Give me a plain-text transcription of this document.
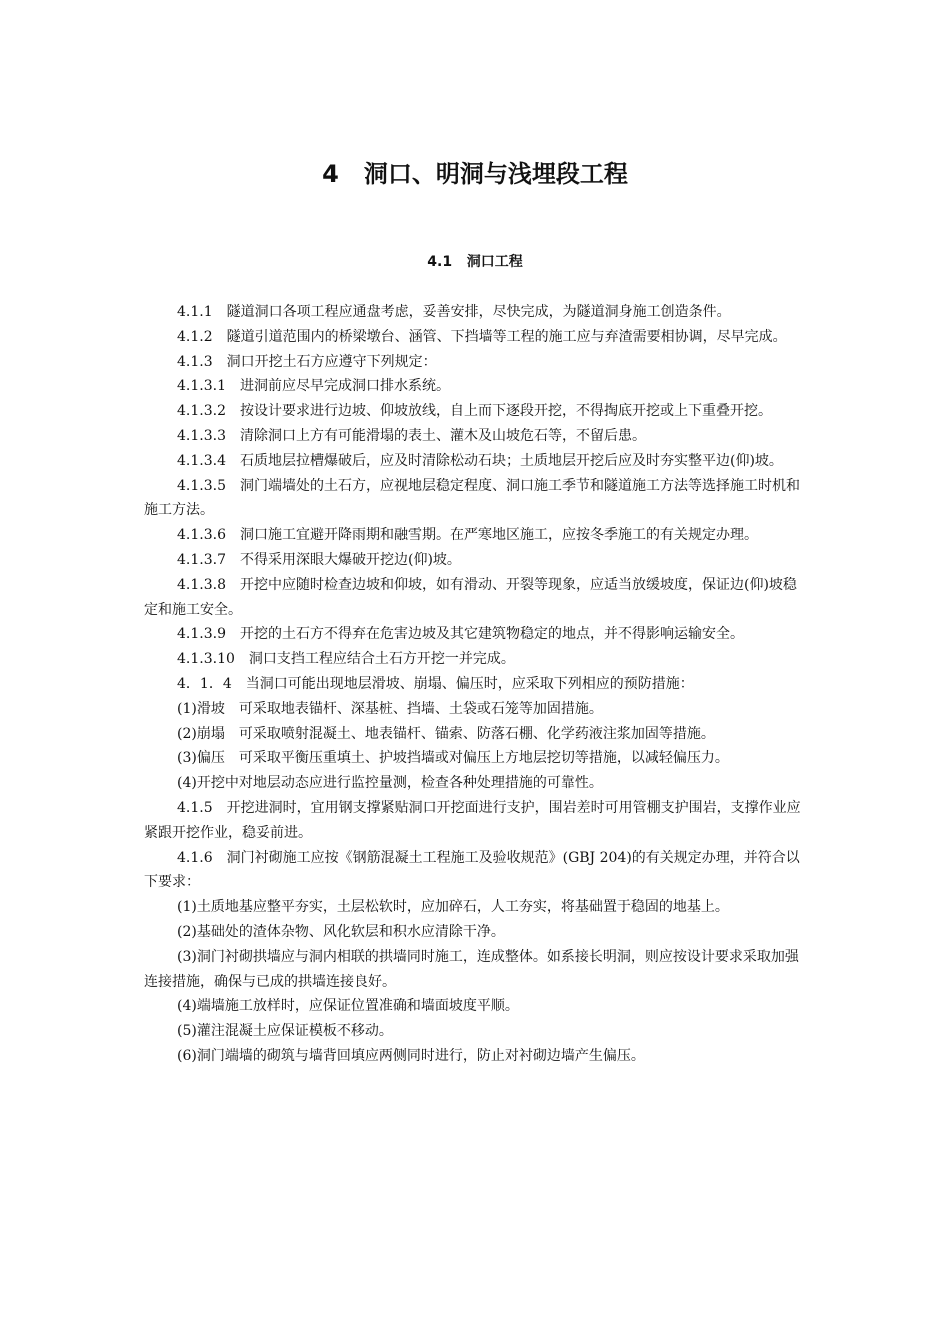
4   洞口、明洞与浅埋段工程
4.1   洞口工程

4.1.1　 隧道洞口各项工程应通盘考虑，妥善安排，尽快完成，为隧道洞身施工创造条件。

4.1.2　 隧道引道范围内的桥梁墩台、涵管、下挡墙等工程的施工应与弃渣需要相协调，尽早完成。

4.1.3　 洞口开挖土石方应遵守下列规定：

4.1.3.1　 进洞前应尽早完成洞口排水系统。

4.1.3.2　 按设计要求进行边坡、仰坡放线，自上而下逐段开挖，不得掏底开挖或上下重叠开挖。

4.1.3.3　 清除洞口上方有可能滑塌的表土、灌木及山坡危石等，不留后患。

4.1.3.4　 石质地层拉槽爆破后，应及时清除松动石块；土质地层开挖后应及时夯实整平边(仰)坡。

4.1.3.5　 洞门端墙处的土石方，应视地层稳定程度、洞口施工季节和隧道施工方法等选择施工时机和施工方法。

4.1.3.6　 洞口施工宜避开降雨期和融雪期。在严寒地区施工，应按冬季施工的有关规定办理。

4.1.3.7　 不得采用深眼大爆破开挖边(仰)坡。

4.1.3.8　 开挖中应随时检查边坡和仰坡，如有滑动、开裂等现象，应适当放缓坡度，保证边(仰)坡稳定和施工安全。

4.1.3.9　 开挖的土石方不得弃在危害边坡及其它建筑物稳定的地点，并不得影响运输安全。

4.1.3.10　 洞口支挡工程应结合土石方开挖一并完成。

4．1．4　 当洞口可能出现地层滑坡、崩塌、偏压时，应采取下列相应的预防措施：

(1)滑坡　可采取地表锚杆、深基桩、挡墙、土袋或石笼等加固措施。

(2)崩塌　可采取喷射混凝土、地表锚杆、锚索、防落石棚、化学药液注浆加固等措施。

(3)偏压　可采取平衡压重填土、护坡挡墙或对偏压上方地层挖切等措施，以减轻偏压力。

(4)开挖中对地层动态应进行监控量测，检查各种处理措施的可靠性。

4.1.5　 开挖进洞时，宜用钢支撑紧贴洞口开挖面进行支护，围岩差时可用管棚支护围岩，支撑作业应紧跟开挖作业，稳妥前进。

4.1.6　 洞门衬砌施工应按《钢筋混凝土工程施工及验收规范》(GBJ 204)的有关规定办理，并符合以下要求：

(1)土质地基应整平夯实，土层松软时，应加碎石，人工夯实，将基础置于稳固的地基上。

(2)基础处的渣体杂物、风化软层和积水应清除干净。

(3)洞门衬砌拱墙应与洞内相联的拱墙同时施工，连成整体。如系接长明洞，则应按设计要求采取加强连接措施，确保与已成的拱墙连接良好。

(4)端墙施工放样时，应保证位置准确和墙面坡度平顺。

(5)灌注混凝土应保证模板不移动。

(6)洞门端墙的砌筑与墙背回填应两侧同时进行，防止对衬砌边墙产生偏压。
